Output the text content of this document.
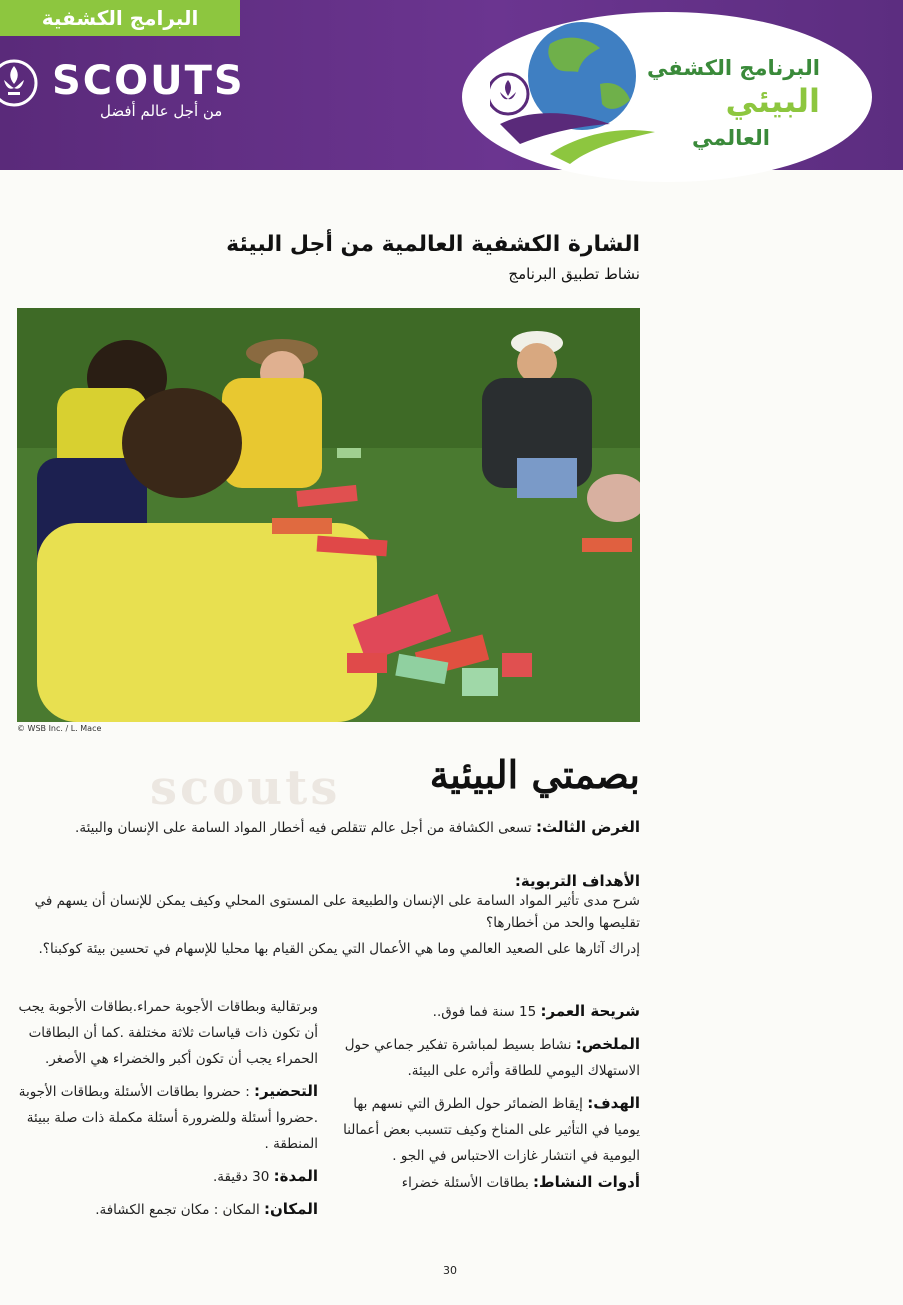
البرامج الكشفية
SCOUTS
من أجل عالم أفضل
البرنامج الكشفي
البيئي
العالمي
الشارة الكشفية العالمية من أجل البيئة
نشاط تطبيق البرنامج
© WSB Inc. / L. Mace
scouts	بصمتي البيئية
الغرض الثالث: تسعى الكشافة من أجل عالم تتقلص فيه أخطار المواد السامة على الإنسان والبيئة.
الأهداف التربوية:
شرح مدى تأثير المواد السامة على الإنسان والطبيعة على المستوى المحلي وكيف يمكن للإنسان أن يسهم في تقليصها والحد من أخطارها؟
إدراك آثارها على الصعيد العالمي وما هي الأعمال التي يمكن القيام بها محليا للإسهام في تحسين بيئة كوكبنا؟.
شريحة العمر: 15 سنة فما فوق..
الملخص: نشاط بسيط لمباشرة تفكير جماعي حول الاستهلاك اليومي للطاقة وأثره على البيئة.
الهدف: إيقاظ الضمائر حول الطرق التي نسهم بها يوميا في التأثير على المناخ وكيف تتسبب بعض أعمالنا اليومية في انتشار غازات الاحتباس في الجو .
أدوات النشاط: بطاقات الأسئلة خضراء
وبرتقالية وبطاقات الأجوبة حمراء.بطاقات الأجوبة يجب أن تكون ذات قياسات ثلاثة مختلفة .كما أن البطاقات الحمراء يجب أن تكون أكبر والخضراء هي الأصغر.
التحضير: : حضروا بطاقات الأسئلة وبطاقات الأجوبة .حضروا أسئلة وللضرورة أسئلة مكملة ذات صلة ببيئة المنطقة .
المدة: 30 دقيقة.
المكان: المكان : مكان تجمع الكشافة.
30
